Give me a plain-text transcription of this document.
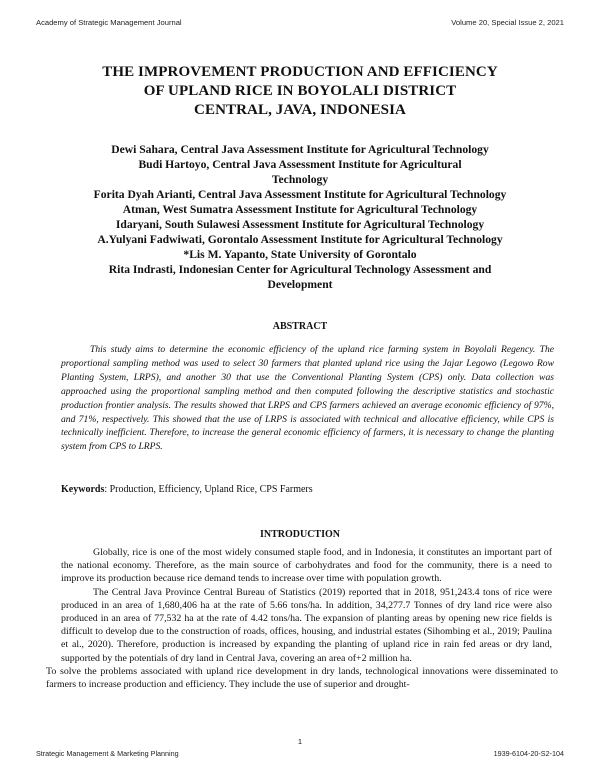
Academy of Strategic Management Journal	Volume 20, Special Issue 2, 2021
THE IMPROVEMENT PRODUCTION AND EFFICIENCY
OF UPLAND RICE IN BOYOLALI DISTRICT
CENTRAL, JAVA, INDONESIA
Dewi Sahara, Central Java Assessment Institute for Agricultural Technology
Budi Hartoyo, Central Java Assessment Institute for Agricultural
Technology
Forita Dyah Arianti, Central Java Assessment Institute for Agricultural Technology
Atman, West Sumatra Assessment Institute for Agricultural Technology
Idaryani, South Sulawesi Assessment Institute for Agricultural Technology
A.Yulyani Fadwiwati, Gorontalo Assessment Institute for Agricultural Technology
*Lis M. Yapanto, State University of Gorontalo
Rita Indrasti, Indonesian Center for Agricultural Technology Assessment and
Development
ABSTRACT
This study aims to determine the economic efficiency of the upland rice farming system in Boyolali Regency. The proportional sampling method was used to select 30 farmers that planted upland rice using the Jajar Legowo (Legowo Row Planting System, LRPS), and another 30 that use the Conventional Planting System (CPS) only. Data collection was approached using the proportional sampling method and then computed following the descriptive statistics and stochastic production frontier analysis. The results showed that LRPS and CPS farmers achieved an average economic efficiency of 97%, and 71%, respectively. This showed that the use of LRPS is associated with technical and allocative efficiency, while CPS is technically inefficient. Therefore, to increase the general economic efficiency of farmers, it is necessary to change the planting system from CPS to LRPS.
Keywords: Production, Efficiency, Upland Rice, CPS Farmers
INTRODUCTION

Globally, rice is one of the most widely consumed staple food, and in Indonesia, it constitutes an important part of the national economy. Therefore, as the main source of carbohydrates and food for the community, there is a need to improve its production because rice demand tends to increase over time with population growth.

The Central Java Province Central Bureau of Statistics (2019) reported that in 2018, 951,243.4 tons of rice were produced in an area of 1,680,406 ha at the rate of 5.66 tons/ha. In addition, 34,277.7 Tonnes of dry land rice were also produced in an area of 77,532 ha at the rate of 4.42 tons/ha. The expansion of planting areas by opening new rice fields is difficult to develop due to the construction of roads, offices, housing, and industrial estates (Sihombing et al., 2019; Paulina et al., 2020). Therefore, production is increased by expanding the planting of upland rice in rain fed areas or dry land, supported by the potentials of dry land in Central Java, covering an area of+2 million ha.

To solve the problems associated with upland rice development in dry lands, technological innovations were disseminated to farmers to increase production and efficiency. They include the use of superior and drought-

1
Strategic Management & Marketing Planning	1939-6104-20-S2-104
